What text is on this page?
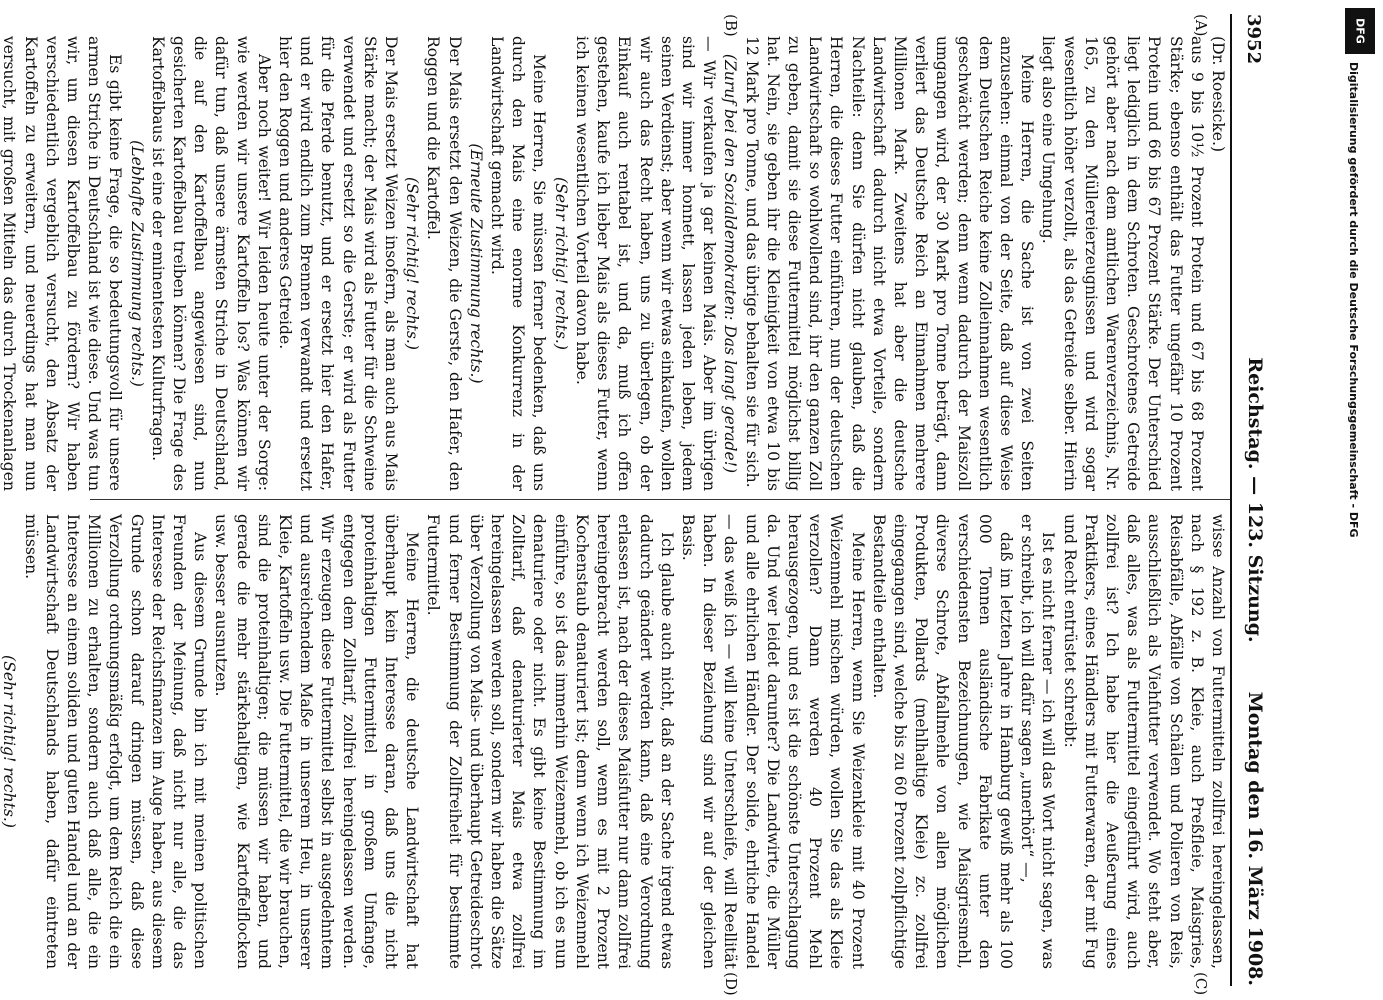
3952
Reichstag. — 123. Sitzung.
Montag den 16. März 1908.
(A)
(B)
(C)
(D)

(Dr. Roesicke.)

aus 9 bis 10½ Prozent Protein und 67 bis 68 Prozent Stärke; ebenso enthält das Futter ungefähr 10 Prozent Protein und 66 bis 67 Prozent Stärke. Der Unterschied liegt lediglich in dem Schroten. Geschrotenes Getreide gehört aber nach dem amtlichen Warenverzeichnis, Nr. 165, zu den Müllereierzeugnissen und wird sogar wesentlich höher verzollt, als das Getreide selber. Hierin liegt also eine Umgehung.

Meine Herren, die Sache ist von zwei Seiten anzusehen: einmal von der Seite, daß auf diese Weise dem Deutschen Reiche keine Zolleinnahmen wesentlich geschwächt werden; denn wenn dadurch der Maiszoll umgangen wird, der 30 Mark pro Tonne beträgt, dann verliert das Deutsche Reich an Einnahmen mehrere Millionen Mark. Zweitens hat aber die deutsche Landwirtschaft dadurch nicht etwa Vorteile, sondern Nachteile: denn Sie dürfen nicht glauben, daß die Herren, die dieses Futter einführen, nun der deutschen Landwirtschaft so wohlwollend sind, ihr den ganzen Zoll zu geben, damit sie diese Futtermittel möglichst billig hat. Nein, sie geben ihr die Kleinigkeit von etwa 10 bis 12 Mark pro Tonne, und das übrige behalten sie für sich.

(Zuruf bei den Sozialdemokraten: Das langt gerade!)

— Wir verkaufen ja gar keinen Mais. Aber im übrigen sind wir immer honnett, lassen jeden leben, jedem seinen Verdienst; aber wenn wir etwas einkaufen, wollen wir auch das Recht haben, uns zu überlegen, ob der Einkauf auch rentabel ist, und da, muß ich offen gestehen, kaufe ich lieber Mais als dieses Futter, wenn ich keinen wesentlichen Vorteil davon habe.

(Sehr richtig! rechts.)

Meine Herren, Sie müssen ferner bedenken, daß uns durch den Mais eine enorme Konkurrenz in der Landwirtschaft gemacht wird.

(Erneute Zustimmung rechts.)

Der Mais ersetzt den Weizen, die Gerste, den Hafer, den Roggen und die Kartoffel.

(Sehr richtig! rechts.)

Der Mais ersetzt Weizen insofern, als man auch aus Mais Stärke macht; der Mais wird als Futter für die Schweine verwendet und ersetzt so die Gerste; er wird als Futter für die Pferde benutzt, und er ersetzt hier den Hafer, und er wird endlich zum Brennen verwandt und ersetzt hier den Roggen und anderes Getreide.

Aber noch weiter! Wir leiden heute unter der Sorge: wie werden wir unsere Kartoffeln los? Was können wir dafür tun, daß unsere ärmsten Striche in Deutschland, die auf den Kartoffelbau angewiesen sind, nun gesicherten Kartoffelbau treiben können? Die Frage des Kartoffelbaus ist eine der eminentesten Kulturfragen.

(Lebhafte Zustimmung rechts.)

Es gibt keine Frage, die so bedeutungsvoll für unsere armen Striche in Deutschland ist wie diese. Und was tun wir, um diesen Kartoffelbau zu fördern? Wir haben verschiedentlich vergeblich versucht, den Absatz der Kartoffeln zu erweitern, und neuerdings hat man nun versucht, mit großen Mitteln das durch Trockenanlagen

wisse Anzahl von Futtermitteln zollfrei hereingelassen, nach § 192 z. B. Kleie, auch Preßfleie, Maisgries, Reisabfälle, Abfälle von Schälen und Polieren von Reis, ausschließlich als Viehfutter verwendet. Wo steht aber, daß alles, was als Futtermittel eingeführt wird, auch zollfrei ist? Ich habe hier die Aeußerung eines Praktikers, eines Händlers mit Futterwaren, der mit Fug und Recht entrüstet schreibt:

Ist es nicht ferner — ich will das Wort nicht sagen, was er schreibt, ich will dafür sagen „unerhört“ —,

daß im letzten Jahre in Hamburg gewiß mehr als 100 000 Tonnen ausländische Fabrikate unter den verschiedensten Bezeichnungen, wie Maisgriesmehl, diverse Schrote, Abfallmehle von allen möglichen Produkten, Pollards (mehlhaltige Kleie) zc. zollfrei eingegangen sind, welche bis zu 60 Prozent zollpflichtige Bestandteile enthalten.

Meine Herren, wenn Sie Weizenkleie mit 40 Prozent Weizenmehl mischen würden, wollen Sie das als Kleie verzollen? Dann werden 40 Prozent Mehl herausgezogen, und es ist die schönste Unterschlagung da. Und wer leidet darunter? Die Landwirte, die Müller und alle ehrlichen Händler. Der solide, ehrliche Handel — das weiß ich — will keine Unterschleife, will Reellität haben. In dieser Beziehung sind wir auf der gleichen Basis.

Ich glaube auch nicht, daß an der Sache irgend etwas dadurch geändert werden kann, daß eine Verordnung erlassen ist, nach der dieses Maisfutter nur dann zollfrei hereingebracht werden soll, wenn es mit 2 Prozent Kochenstaub denaturiert ist; denn wenn ich Weizenmehl einführe, so ist das immerhin Weizenmehl, ob ich es nun denaturiere oder nicht. Es gibt keine Bestimmung im Zolltarif, daß denaturierter Mais etwa zollfrei hereingelassen werden soll, sondern wir haben die Sätze über Verzollung von Mais- und überhaupt Getreideschrot und ferner Bestimmung der Zollfreiheit für bestimmte Futtermittel.

Meine Herren, die deutsche Landwirtschaft hat überhaupt kein Interesse daran, daß uns die nicht proteinhaltigen Futtermittel in großem Umfange, entgegen dem Zolltarif, zollfrei hereingelassen werden. Wir erzeugen diese Futtermittel selbst in ausgedehntem und ausreichendem Maße in unserem Heu, in unserer Kleie, Kartoffeln usw. Die Futtermittel, die wir brauchen, sind die proteinhaltigen; die müssen wir haben, und gerade die mehr stärkehaltigen, wie Kartoffelflocken usw. besser ausnutzen.

Aus diesem Grunde bin ich mit meinen politischen Freunden der Meinung, daß nicht nur alle, die das Interesse der Reichsfinanzen im Auge haben, aus diesem Grunde schon darauf dringen müssen, daß diese Verzollung ordnungsmäßig erfolgt, um dem Reich die ein Millionen zu erhalten, sondern auch daß alle, die ein Interesse an einem soliden und guten Handel und an der Landwirtschaft Deutschlands haben, dafür eintreten müssen.

(Sehr richtig! rechts.)

DFG
Digitalisierung gefördert durch die Deutsche Forschungsgemeinschaft - DFG
